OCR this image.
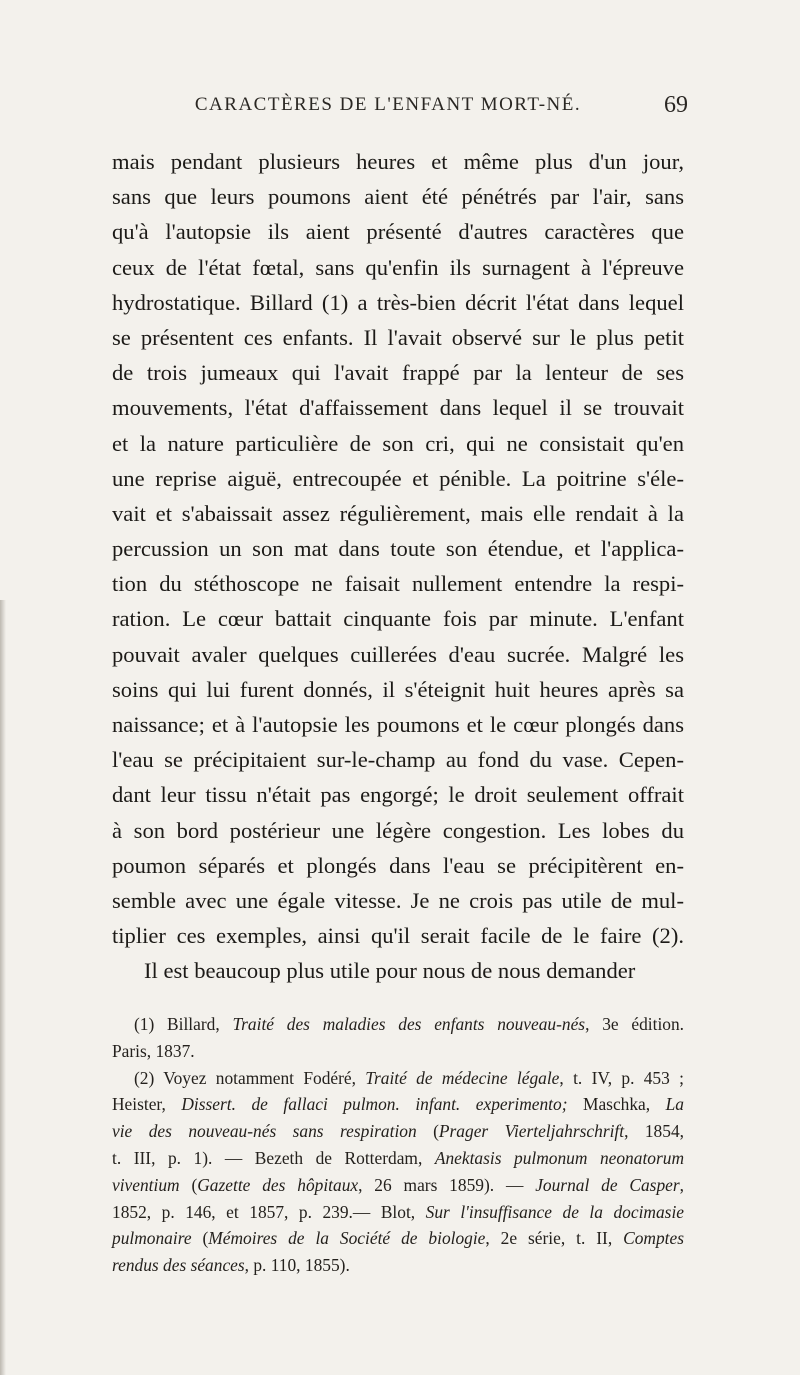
CARACTÈRES DE L'ENFANT MORT-NÉ.	69
mais pendant plusieurs heures et même plus d'un jour,
sans que leurs poumons aient été pénétrés par l'air, sans
qu'à l'autopsie ils aient présenté d'autres caractères que
ceux de l'état fœtal, sans qu'enfin ils surnagent à l'épreuve
hydrostatique. Billard (1) a très-bien décrit l'état dans lequel
se présentent ces enfants. Il l'avait observé sur le plus petit
de trois jumeaux qui l'avait frappé par la lenteur de ses
mouvements, l'état d'affaissement dans lequel il se trouvait
et la nature particulière de son cri, qui ne consistait qu'en
une reprise aiguë, entrecoupée et pénible. La poitrine s'éle-
vait et s'abaissait assez régulièrement, mais elle rendait à la
percussion un son mat dans toute son étendue, et l'applica-
tion du stéthoscope ne faisait nullement entendre la respi-
ration. Le cœur battait cinquante fois par minute. L'enfant
pouvait avaler quelques cuillerées d'eau sucrée. Malgré les
soins qui lui furent donnés, il s'éteignit huit heures après sa
naissance; et à l'autopsie les poumons et le cœur plongés dans
l'eau se précipitaient sur-le-champ au fond du vase. Cepen-
dant leur tissu n'était pas engorgé; le droit seulement offrait
à son bord postérieur une légère congestion. Les lobes du
poumon séparés et plongés dans l'eau se précipitèrent en-
semble avec une égale vitesse. Je ne crois pas utile de mul-
tiplier ces exemples, ainsi qu'il serait facile de le faire (2).
Il est beaucoup plus utile pour nous de nous demander
(1) Billard, Traité des maladies des enfants nouveau-nés, 3e édition.
Paris, 1837.
(2) Voyez notamment Fodéré, Traité de médecine légale, t. IV, p. 453 ;
Heister, Dissert. de fallaci pulmon. infant. experimento; Maschka, La
vie des nouveau-nés sans respiration (Prager Vierteljahrschrift, 1854,
t. III, p. 1). — Bezeth de Rotterdam, Anektasis pulmonum neonatorum
viventium (Gazette des hôpitaux, 26 mars 1859). — Journal de Casper,
1852, p. 146, et 1857, p. 239.— Blot, Sur l'insuffisance de la docimasie
pulmonaire (Mémoires de la Société de biologie, 2e série, t. II, Comptes
rendus des séances, p. 110, 1855).
